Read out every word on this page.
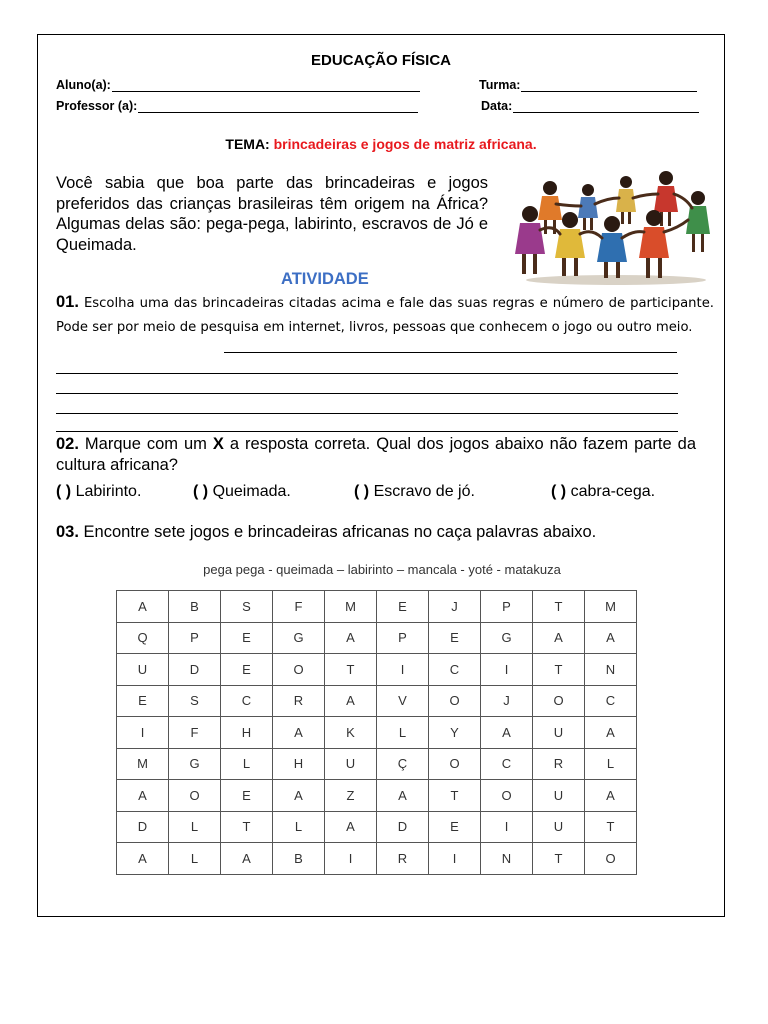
EDUCAÇÃO FÍSICA
Aluno(a):	Turma:
Professor (a):	Data:
TEMA: brincadeiras e jogos de matriz africana.
Você sabia que boa parte das brincadeiras e jogos preferidos das crianças brasileiras têm origem na África? Algumas delas são: pega-pega, labirinto, escravos de Jó e Queimada.
ATIVIDADE
01. Escolha uma das brincadeiras citadas acima e fale das suas regras e número de participante. Pode ser por meio de pesquisa em internet, livros, pessoas que conhecem o jogo ou outro meio.
02. Marque com um X a resposta correta. Qual dos jogos abaixo não fazem parte da cultura africana?
( ) Labirinto.	( ) Queimada.	( ) Escravo de jó.	( ) cabra-cega.
03. Encontre sete jogos e brincadeiras africanas no caça palavras abaixo.
pega pega - queimada – labirinto – mancala - yoté - matakuza
A	B	S	F	M	E	J	P	T	M
Q	P	E	G	A	P	E	G	A	A
U	D	E	O	T	I	C	I	T	N
E	S	C	R	A	V	O	J	O	C
I	F	H	A	K	L	Y	A	U	A
M	G	L	H	U	Ç	O	C	R	L
A	O	E	A	Z	A	T	O	U	A
D	L	T	L	A	D	E	I	U	T
A	L	A	B	I	R	I	N	T	O
